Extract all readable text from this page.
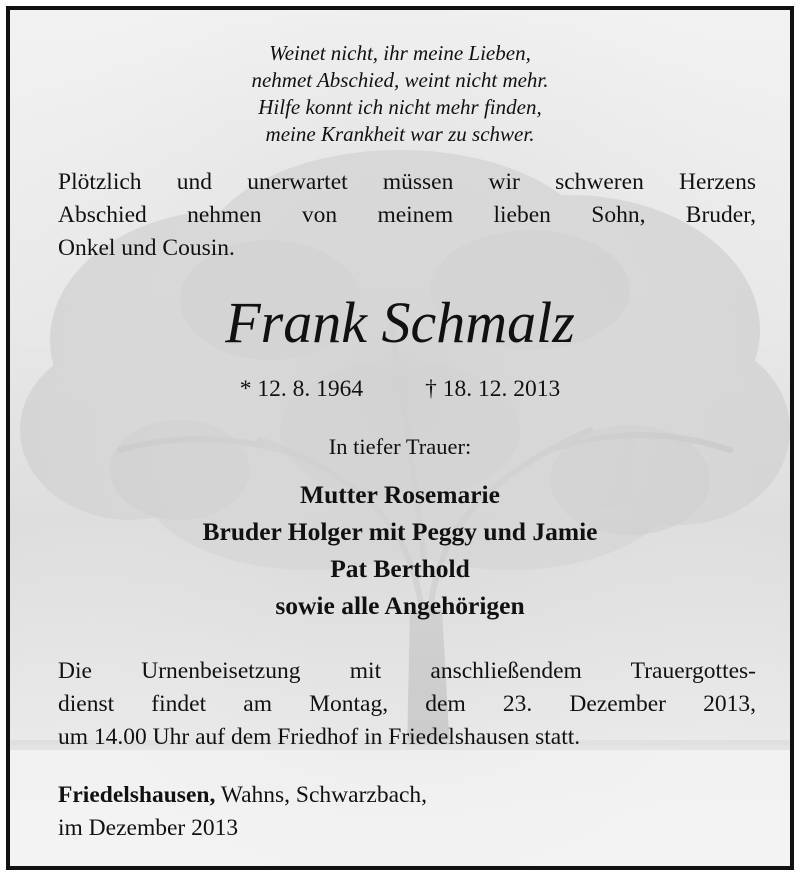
Weinet nicht, ihr meine Lieben,
nehmet Abschied, weint nicht mehr.
Hilfe konnt ich nicht mehr finden,
meine Krankheit war zu schwer.
Plötzlich und unerwartet müssen wir schweren Herzens
Abschied nehmen von meinem lieben Sohn, Bruder,
Onkel und Cousin.
Frank Schmalz
* 12. 8. 1964	† 18. 12. 2013
In tiefer Trauer:
Mutter Rosemarie
Bruder Holger mit Peggy und Jamie
Pat Berthold
sowie alle Angehörigen
Die Urnenbeisetzung mit anschließendem Trauergottes-
dienst findet am Montag, dem 23. Dezember 2013,
um 14.00 Uhr auf dem Friedhof in Friedelshausen statt.
Friedelshausen, Wahns, Schwarzbach,
im Dezember 2013
